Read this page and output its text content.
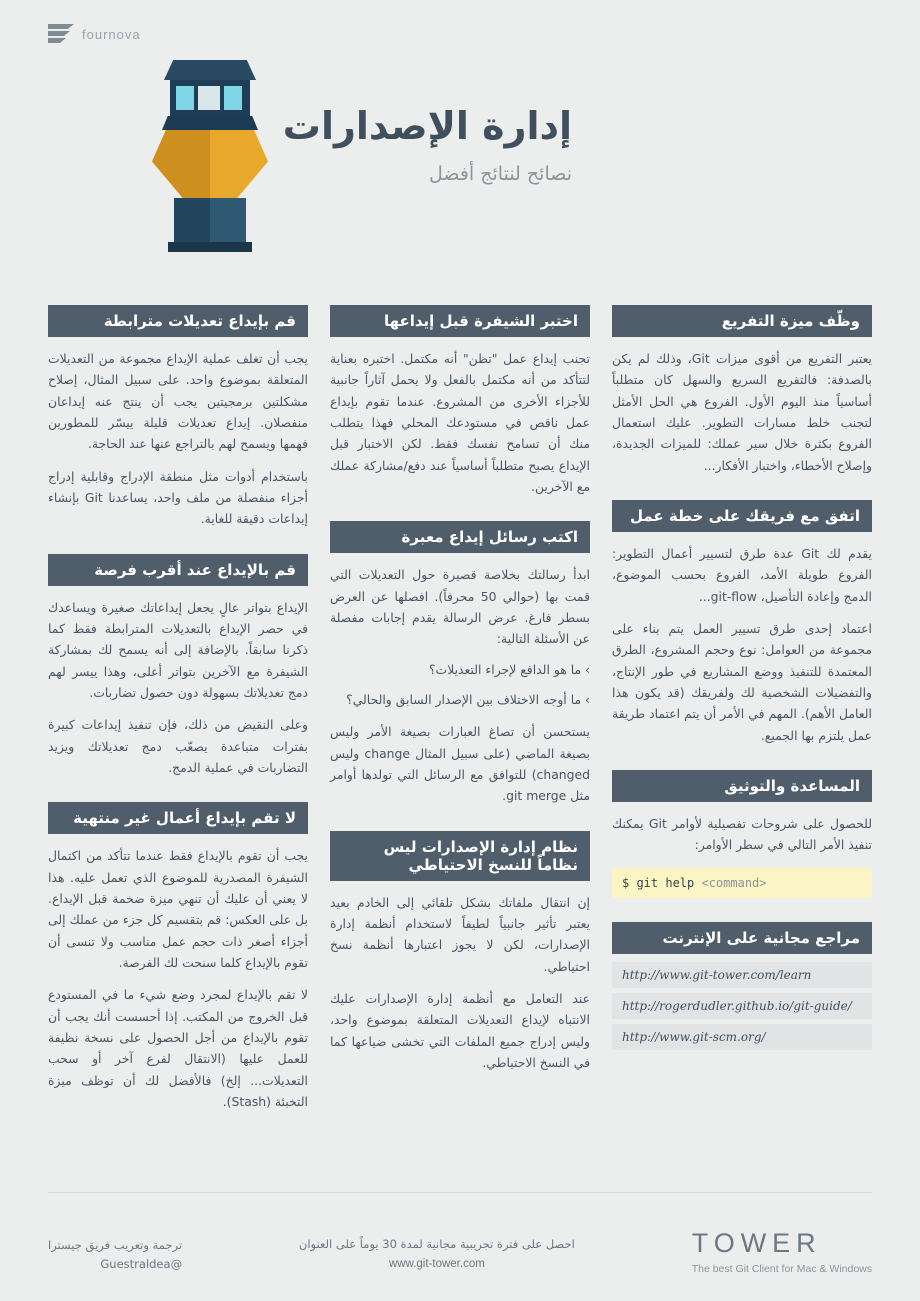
fournova
إدارة الإصدارات
نصائح لنتائج أفضل
قم بإيداع تعديلات مترابطة

يجب أن تغلف عملية الإيداع مجموعة من التعديلات المتعلقة بموضوع واحد. على سبيل المثال، إصلاح مشكلتين برمجيتين يجب أن ينتج عنه إيداعان منفصلان. إيداع تعديلات قليلة ييسّر للمطورين فهمها ويسمح لهم بالتراجع عنها عند الحاجة.

باستخدام أدوات مثل منطقة الإدراج وقابلية إدراج أجزاء منفصلة من ملف واحد، يساعدنا Git بإنشاء إيداعات دقيقة للغاية.

قم بالإيداع عند أقرب فرصة

الإيداع بتواتر عالٍ يجعل إيداعاتك صغيرة ويساعدك في حصر الإيداع بالتعديلات المترابطة فقط كما ذكرنا سابقاً. بالإضافة إلى أنه يسمح لك بمشاركة الشيفرة مع الآخرين بتواتر أعلى، وهذا ييسر لهم دمج تعديلاتك بسهولة دون حصول تضاربات.

وعلى النقيض من ذلك، فإن تنفيذ إيداعات كبيرة بفترات متباعدة يصعّب دمج تعديلاتك ويزيد التضاربات في عملية الدمج.

لا تقم بإيداع أعمال غير منتهية

يجب أن تقوم بالإيداع فقط عندما تتأكد من اكتمال الشيفرة المصدرية للموضوع الذي تعمل عليه. هذا لا يعني أن عليك أن تنهي ميزة ضخمة قبل الإيداع. بل على العكس: قم بتقسيم كل جزء من عملك إلى أجزاء أصغر ذات حجم عمل مناسب ولا تنسى أن تقوم بالإيداع كلما سنحت لك الفرصة.

لا تقم بالإيداع لمجرد وضع شيء ما في المستودع قبل الخروج من المكتب. إذا أحسست أنك يجب أن تقوم بالإيداع من أجل الحصول على نسخة نظيفة للعمل عليها (الانتقال لفرع آخر أو سحب التعديلات... إلخ) فالأفضل لك أن توظف ميزة التخبئة (Stash).

اختبر الشيفرة قبل إيداعها

تجنب إيداع عمل "تظن" أنه مكتمل. اختبره بعناية لتتأكد من أنه مكتمل بالفعل ولا يحمل آثاراً جانبية للأجزاء الأخرى من المشروع. عندما تقوم بإيداع عمل ناقص في مستودعك المحلي فهذا يتطلب منك أن تسامح نفسك فقط. لكن الاختبار قبل الإيداع يصبح متطلباً أساسياً عند دفع/مشاركة عملك مع الآخرين.

اكتب رسائل إيداع معبرة

ابدأ رسالتك بخلاصة قصيرة حول التعديلات التي قمت بها (حوالي 50 محرفاً). افصلها عن العرض بسطر فارغ. عرض الرسالة يقدم إجابات مفصلة عن الأسئلة التالية:

› ما هو الدافع لإجراء التعديلات؟

› ما أوجه الاختلاف بين الإصدار السابق والحالي؟

يستحسن أن تصاغ العبارات بصيغة الأمر وليس بصيغة الماضي (على سبيل المثال change وليس changed) للتوافق مع الرسائل التي تولدها أوامر مثل git merge.

نظام إدارة الإصدارات ليس نظاماً للنسخ الاحتياطي

إن انتقال ملفاتك بشكل تلقائي إلى الخادم بعيد يعتبر تأثير جانبياً لطيفاً لاستخدام أنظمة إدارة الإصدارات، لكن لا يجوز اعتبارها أنظمة نسخ احتياطي.

عند التعامل مع أنظمة إدارة الإصدارات عليك الانتباه لإيداع التعديلات المتعلقة بموضوع واحد، وليس إدراج جميع الملفات التي تخشى ضياعها كما في النسخ الاحتياطي.

وظّف ميزة التفريع

يعتبر التفريع من أقوى ميزات Git، وذلك لم يكن بالصدفة: فالتفريع السريع والسهل كان متطلباً أساسياً منذ اليوم الأول. الفروع هي الحل الأمثل لتجنب خلط مسارات التطوير. عليك استعمال الفروع بكثرة خلال سير عملك: للميزات الجديدة، وإصلاح الأخطاء، واختبار الأفكار...

اتفق مع فريقك على خطة عمل

يقدم لك Git عدة طرق لتسيير أعمال التطوير: الفروع طويلة الأمد، الفروع بحسب الموضوع، الدمج وإعادة التأصيل، git-flow...

اعتماد إحدى طرق تسيير العمل يتم بناء على مجموعة من العوامل: نوع وحجم المشروع، الطرق المعتمدة للتنفيذ ووضع المشاريع في طور الإنتاج، والتفضيلات الشخصية لك ولفريقك (قد يكون هذا العامل الأهم). المهم في الأمر أن يتم اعتماد طريقة عمل يلتزم بها الجميع.

المساعدة والتوثيق

للحصول على شروحات تفصيلية لأوامر Git يمكنك تنفيذ الأمر التالي في سطر الأوامر:

$ git help <command>
مراجع مجانية على الإنترنت
http://www.git-tower.com/learn
http://rogerdudler.github.io/git-guide/
http://www.git-scm.org/
ترجمة وتعريب فريق جيسترا
@Guestraldea
احصل على فترة تجريبية مجانية لمدة 30 يوماً على العنوان
www.git-tower.com
TOWER
The best Git Client for Mac & Windows
